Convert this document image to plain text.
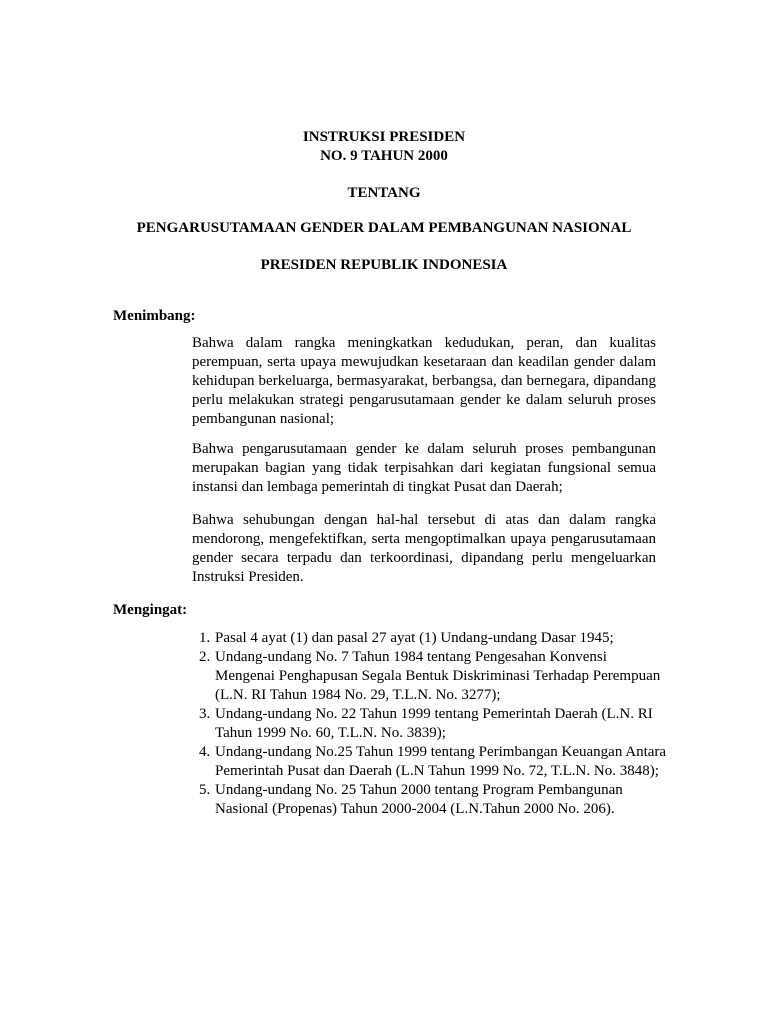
INSTRUKSI PRESIDEN
NO. 9 TAHUN 2000
TENTANG
PENGARUSUTAMAAN GENDER DALAM PEMBANGUNAN NASIONAL
PRESIDEN REPUBLIK INDONESIA
Menimbang:

Bahwa dalam rangka meningkatkan kedudukan, peran, dan kualitas perempuan, serta upaya mewujudkan kesetaraan dan keadilan gender dalam kehidupan berkeluarga, bermasyarakat, berbangsa, dan bernegara, dipandang perlu melakukan strategi pengarusutamaan gender ke dalam seluruh proses pembangunan nasional;

Bahwa pengarusutamaan gender ke dalam seluruh proses pembangunan merupakan bagian yang tidak terpisahkan dari kegiatan fungsional semua instansi dan lembaga pemerintah di tingkat Pusat dan Daerah;

Bahwa sehubungan dengan hal-hal tersebut di atas dan dalam rangka mendorong, mengefektifkan, serta mengoptimalkan upaya pengarusutamaan gender secara terpadu dan terkoordinasi, dipandang perlu mengeluarkan Instruksi Presiden.

Mengingat:
1. Pasal 4 ayat (1) dan pasal 27 ayat (1) Undang-undang Dasar 1945;
2. Undang-undang No. 7 Tahun 1984 tentang Pengesahan Konvensi Mengenai Penghapusan Segala Bentuk Diskriminasi Terhadap Perempuan (L.N. RI Tahun 1984 No. 29, T.L.N. No. 3277);
3. Undang-undang No. 22 Tahun 1999 tentang Pemerintah Daerah (L.N. RI Tahun 1999 No. 60, T.L.N. No. 3839);
4. Undang-undang No.25 Tahun 1999 tentang Perimbangan Keuangan Antara Pemerintah Pusat dan Daerah (L.N Tahun 1999 No. 72, T.L.N. No. 3848);
5. Undang-undang No. 25 Tahun 2000 tentang Program Pembangunan Nasional (Propenas) Tahun 2000-2004 (L.N.Tahun 2000 No. 206).
